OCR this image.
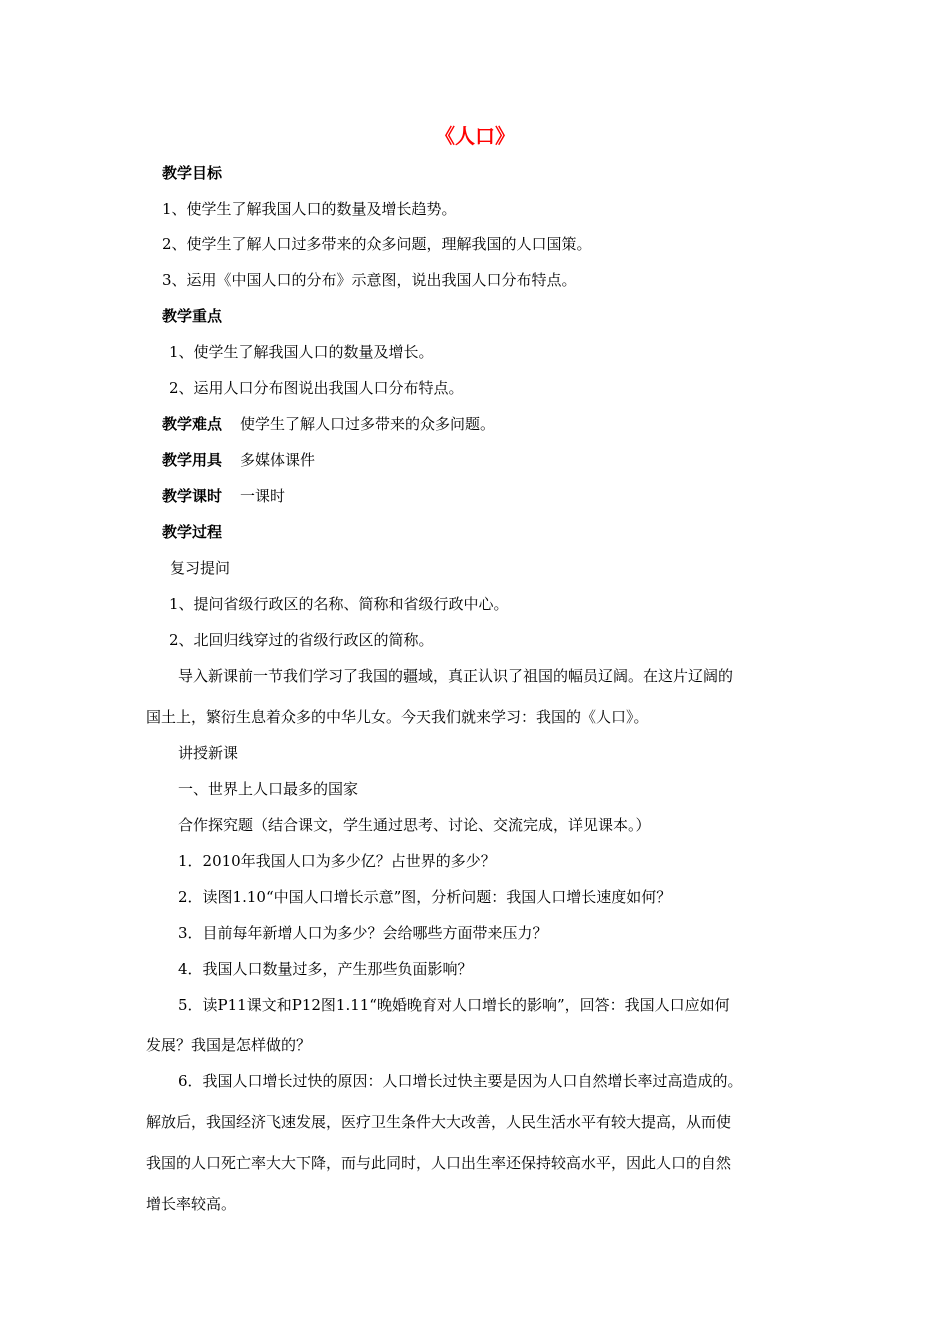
《人口》
教学目标
1、使学生了解我国人口的数量及增长趋势。
2、使学生了解人口过多带来的众多问题，理解我国的人口国策。
3、运用《中国人口的分布》示意图，说出我国人口分布特点。
教学重点
1、使学生了解我国人口的数量及增长。
2、运用人口分布图说出我国人口分布特点。
教学难点 使学生了解人口过多带来的众多问题。
教学用具 多媒体课件
教学课时 一课时
教学过程
复习提问
1、提问省级行政区的名称、简称和省级行政中心。
2、北回归线穿过的省级行政区的简称。
导入新课前一节我们学习了我国的疆域，真正认识了祖国的幅员辽阔。在这片辽阔的
国土上，繁衍生息着众多的中华儿女。今天我们就来学习：我国的《人口》。
讲授新课
一、世界上人口最多的国家
合作探究题（结合课文，学生通过思考、讨论、交流完成，详见课本。）
1．2010年我国人口为多少亿？占世界的多少？
2．读图1.10“中国人口增长示意”图，分析问题：我国人口增长速度如何？
3．目前每年新增人口为多少？会给哪些方面带来压力？
4．我国人口数量过多，产生那些负面影响？
5．读P11课文和P12图1.11“晚婚晚育对人口增长的影响”，回答：我国人口应如何
发展？我国是怎样做的？
6．我国人口增长过快的原因：人口增长过快主要是因为人口自然增长率过高造成的。
解放后，我国经济飞速发展，医疗卫生条件大大改善，人民生活水平有较大提高，从而使
我国的人口死亡率大大下降，而与此同时，人口出生率还保持较高水平，因此人口的自然
增长率较高。
